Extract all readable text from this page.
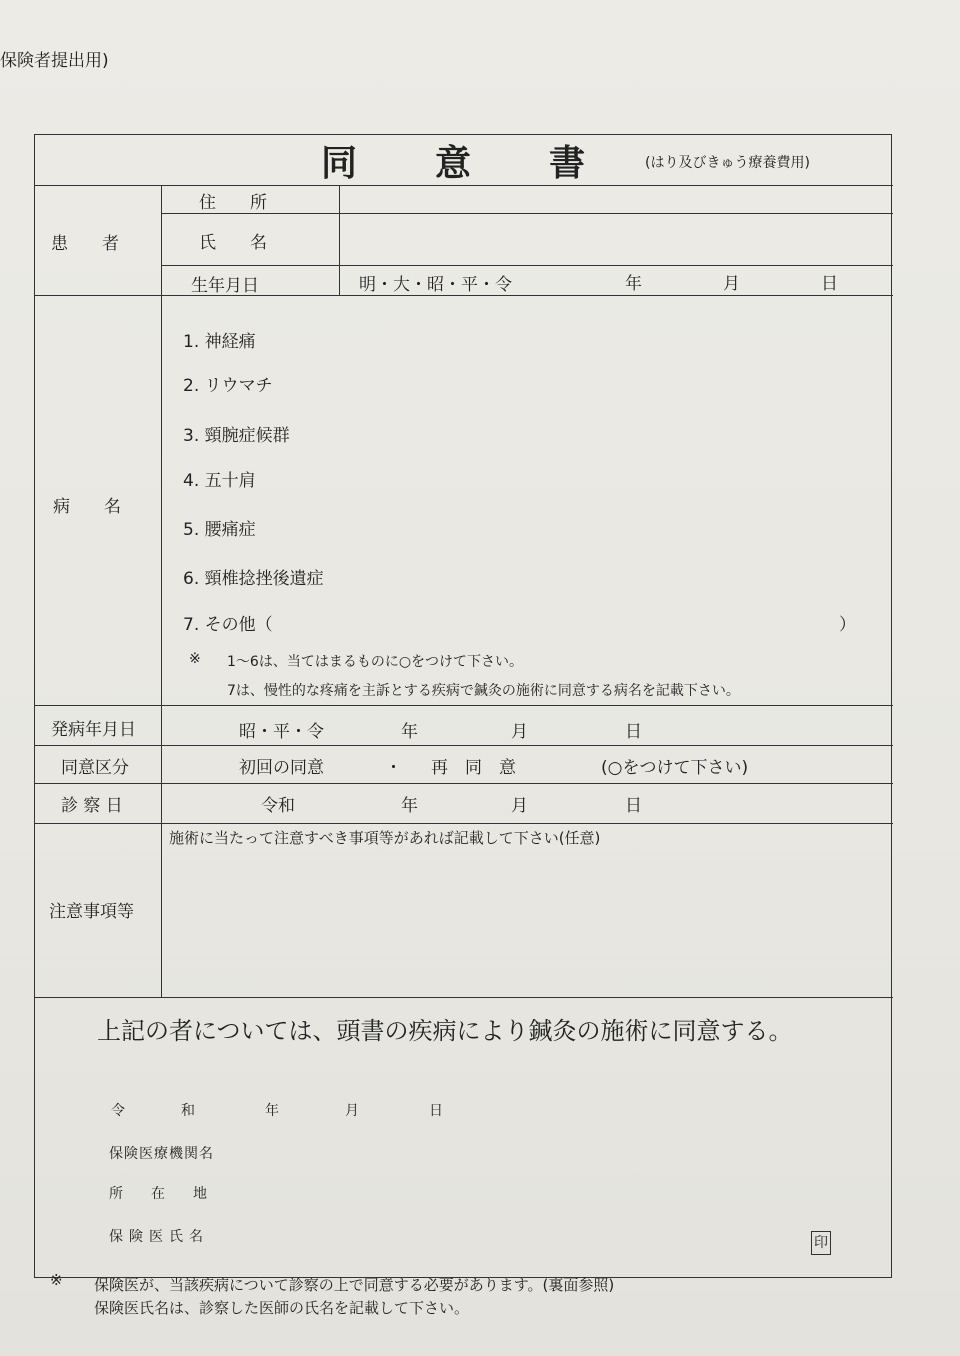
保険者提出用)
同　　意　　書	(はり及びきゅう療養費用)
患　　者
住　　所
氏　　名
生年月日	明・大・昭・平・令	年	月	日
病　　名
1. 神経痛
2. リウマチ
3. 頸腕症候群
4. 五十肩
5. 腰痛症
6. 頸椎捻挫後遺症
7. その他（	）
※ 1～6は、当てはまるものに○をつけて下さい。
7は、慢性的な疼痛を主訴とする疾病で鍼灸の施術に同意する病名を記載下さい。
発病年月日	昭・平・令	年	月	日
同意区分	初回の同意	・ 再　同　意	(○をつけて下さい)
診 察 日	令和	年	月	日
注意事項等
施術に当たって注意すべき事項等があれば記載して下さい(任意)
上記の者については、頭書の疾病により鍼灸の施術に同意する。
令	和	年	月	日
保険医療機関名
所　　在　　地
保険医氏名	印
※ 保険医が、当該疾病について診察の上で同意する必要があります。(裏面参照)
保険医氏名は、診察した医師の氏名を記載して下さい。
